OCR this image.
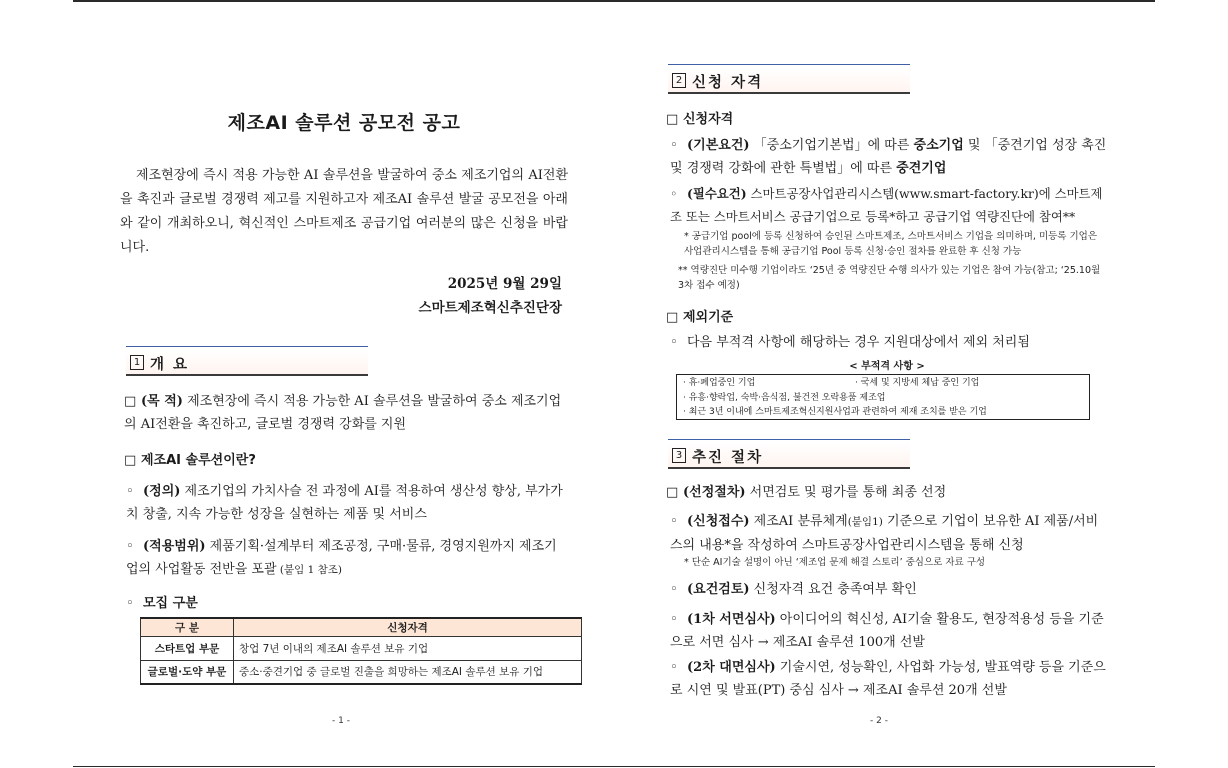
제조AI 솔루션 공모전 공고
제조현장에 즉시 적용 가능한 AI 솔루션을 발굴하여 중소 제조기업의 AI전환을 촉진과 글로벌 경쟁력 제고를 지원하고자 제조AI 솔루션 발굴 공모전을 아래와 같이 개최하오니, 혁신적인 스마트제조 공급기업 여러분의 많은 신청을 바랍니다.
2025년 9월 29일
스마트제조혁신추진단장
1 개 요
□ (목 적) 제조현장에 즉시 적용 가능한 AI 솔루션을 발굴하여 중소 제조기업의 AI전환을 촉진하고, 글로벌 경쟁력 강화를 지원
□ 제조AI 솔루션이란?
◦ (정의) 제조기업의 가치사슬 전 과정에 AI를 적용하여 생산성 향상, 부가가치 창출, 지속 가능한 성장을 실현하는 제품 및 서비스
◦ (적용범위) 제품기획·설계부터 제조공정, 구매·물류, 경영지원까지 제조기업의 사업활동 전반을 포괄 (붙임 1 참조)
◦ 모집 구분
구 분	신청자격
스타트업 부문	창업 7년 이내의 제조AI 솔루션 보유 기업
글로벌·도약 부문	중소·중견기업 중 글로벌 진출을 희망하는 제조AI 솔루션 보유 기업
- 1 -
2 신청 자격
□ 신청자격
◦ (기본요건) 「중소기업기본법」에 따른 중소기업 및 「중견기업 성장 촉진 및 경쟁력 강화에 관한 특별법」에 따른 중견기업
◦ (필수요건) 스마트공장사업관리시스템(www.smart-factory.kr)에 스마트제조 또는 스마트서비스 공급기업으로 등록*하고 공급기업 역량진단에 참여**
* 공급기업 pool에 등록 신청하여 승인된 스마트제조, 스마트서비스 기업을 의미하며, 미등록 기업은 사업관리시스템을 통해 공급기업 Pool 등록 신청·승인 절차를 완료한 후 신청 가능
** 역량진단 미수행 기업이라도 ‘25년 중 역량진단 수행 의사가 있는 기업은 참여 가능(참고; ‘25.10월 3차 접수 예정)
□ 제외기준
◦ 다음 부적격 사항에 해당하는 경우 지원대상에서 제외 처리됨
< 부적격 사항 >
· 휴·폐업중인 기업	· 국세 및 지방세 체납 중인 기업
· 유흥·향락업, 숙박·음식점, 불건전 오락용품 제조업
· 최근 3년 이내에 스마트제조혁신지원사업과 관련하여 제재 조치를 받은 기업
3 추진 절차
□ (선정절차) 서면검토 및 평가를 통해 최종 선정
◦ (신청접수) 제조AI 분류체계(붙임1) 기준으로 기업이 보유한 AI 제품/서비스의 내용*을 작성하여 스마트공장사업관리시스템을 통해 신청
* 단순 AI기술 설명이 아닌 ‘제조업 문제 해결 스토리’ 중심으로 자료 구성
◦ (요건검토) 신청자격 요건 충족여부 확인
◦ (1차 서면심사) 아이디어의 혁신성, AI기술 활용도, 현장적용성 등을 기준으로 서면 심사 → 제조AI 솔루션 100개 선발
◦ (2차 대면심사) 기술시연, 성능확인, 사업화 가능성, 발표역량 등을 기준으로 시연 및 발표(PT) 중심 심사 → 제조AI 솔루션 20개 선발
- 2 -
